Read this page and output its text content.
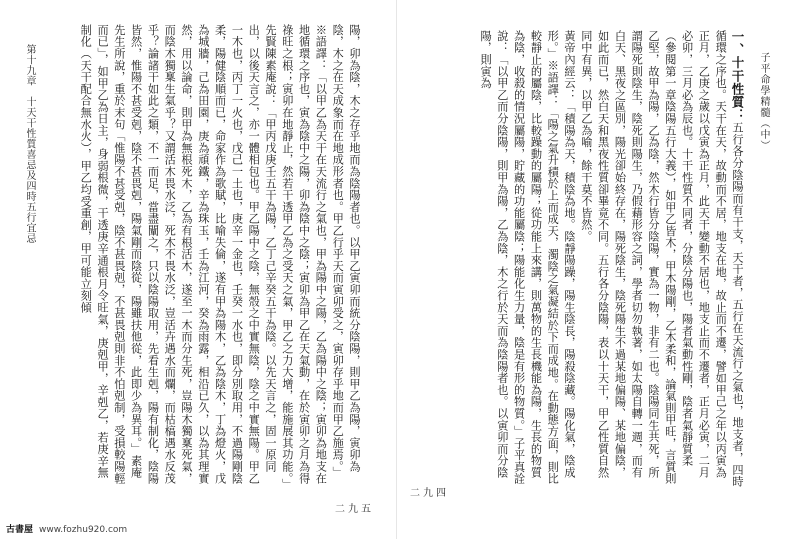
第十九章　十天干性質喜忌及四時五行宜忌	陽，卯為陰，木之存乎地而為陰陽者也。以甲乙寅卯而統分陰陽，則甲乙為陽，寅卯為陰，木之在天成象而在地成形者也。甲乙行乎天而寅卯受之，寅卯存乎地而甲乙施焉。」※語譯：「以甲乙為天干在天流行之氣也，甲為陽中之陽，乙為陽中之陰；寅卯為地支在地循環之序也，寅為陰中之陽，卯為陰中之陰；寅卯為甲乙在天氣動，在於寅卯之月為得祿旺之根；寅卯在地靜止，然若干透甲乙為之受天之氣，甲乙之力大增，能施展其功能。」先賢陳素庵說：「甲丙戊庚壬五干為陽，乙丁己辛癸五干為陰。以先天言之，固一原同出，以後天言之，亦一體相包也。甲乙陽中之陰，無殼之中實無陰，陰之中實無陽。甲乙一木也，丙丁一火也，戊己一土也，庚辛一金也，壬癸一水也，即分別取用，不過陽剛陰柔，陽健陰順而已，命家作為歌賦，比喻失倫，遂有甲為陽木，乙為陰木，丁為燈火，戊為城牆，己為田園，庚為頑鐵，辛為珠玉，壬為江河，癸為雨露，相沿已久，以為其理實然，用以論命，則甲為無根死木，乙為有根活木，遂至一木而分生死，豈陽木獨稟死氣，而陰木獨稟生氣乎？又謂活木畏水泛，死木不畏水泛，豈活卉遇水而爛，而枯槁遇水反茂乎？論諸干如此之類，不一而足，當盡闡之，只以陰陽取用，先看生剋，陽有制化，陰陽皆然，惟陽不甚受剋，陰不甚畏剋，陽氣剛而陰從，陽雖扶他從，此即少為異耳。」素庵先生所說，重於末句「惟陽不甚受剋，陰不甚畏剋，不甚畏剋則非不怕剋制，受損較陽輕而已」，如甲乙為日主，身弱根微，干透庚辛通根月令旺氣，庚剋甲，辛剋乙，若庚辛無制化（天干配合無水火），甲乙均受重創，甲可能立刻傾
二九五
子平命學精髓（中）
一、十干性質：五行各分陰陽而有干支，天干者，五行在天流行之氣也，地支者，四時循環之序也。天干在天，故動而不居，地支在地，故止而不遷，譬如甲己之年以丙寅為正月，乙庚之歲以戊寅為正月，此天干變動不居也，地支止而不遷者，正月必寅，二月必卯，三月必為辰也。十干性質不同者，分陰分陽也，陽者氣動性剛，陰者氣靜質柔（參閱第一章陰陽五行大義），如甲乙皆木，甲木陽剛，乙木柔和，論氣則甲旺，言質則乙堅，故甲為陽，乙為陰，然木行皆分陰陽，實為一物，非有二也。陰陽同生共死，所謂陽死則陰生，陰死則陽生，乃假藉形容之詞，學者切勿執著，如太陽自轉一週，而有白天、黑夜之區別，陽光卻始終存在，陽死陰生，陰死陽生不過某地偏陽、某地偏陰，如此而已，然白天和黑夜性質卻畢竟不同。五行各分陰陽，表以十天干，甲乙性質自然同中有異，以甲乙為喻，餘干莫不皆然。
黃帝內經云：「積陽為天，積陰為地。陰靜陽躁，陽生陰長，陽殺陰藏。陽化氣，陰成形。」※語譯：「陽之氣升積於上而成天，濁陰之氣凝結於下而成地。在動態方面，則比較靜止的屬陰，比較躁動的屬陽；從功能上來講，則萬物的生長機能為陽，生長的物質為陰，收殺的情況屬陽，貯藏的功能屬陰；陽能化生力量，陰是有形的物質。」子平真詮說：「以甲乙而分陰陽，則甲為陽，乙為陰，木之行於天而為陰陽者也。以寅卯而分陰陽，則寅為
二九四
古書屋 www.fozhu920.com
